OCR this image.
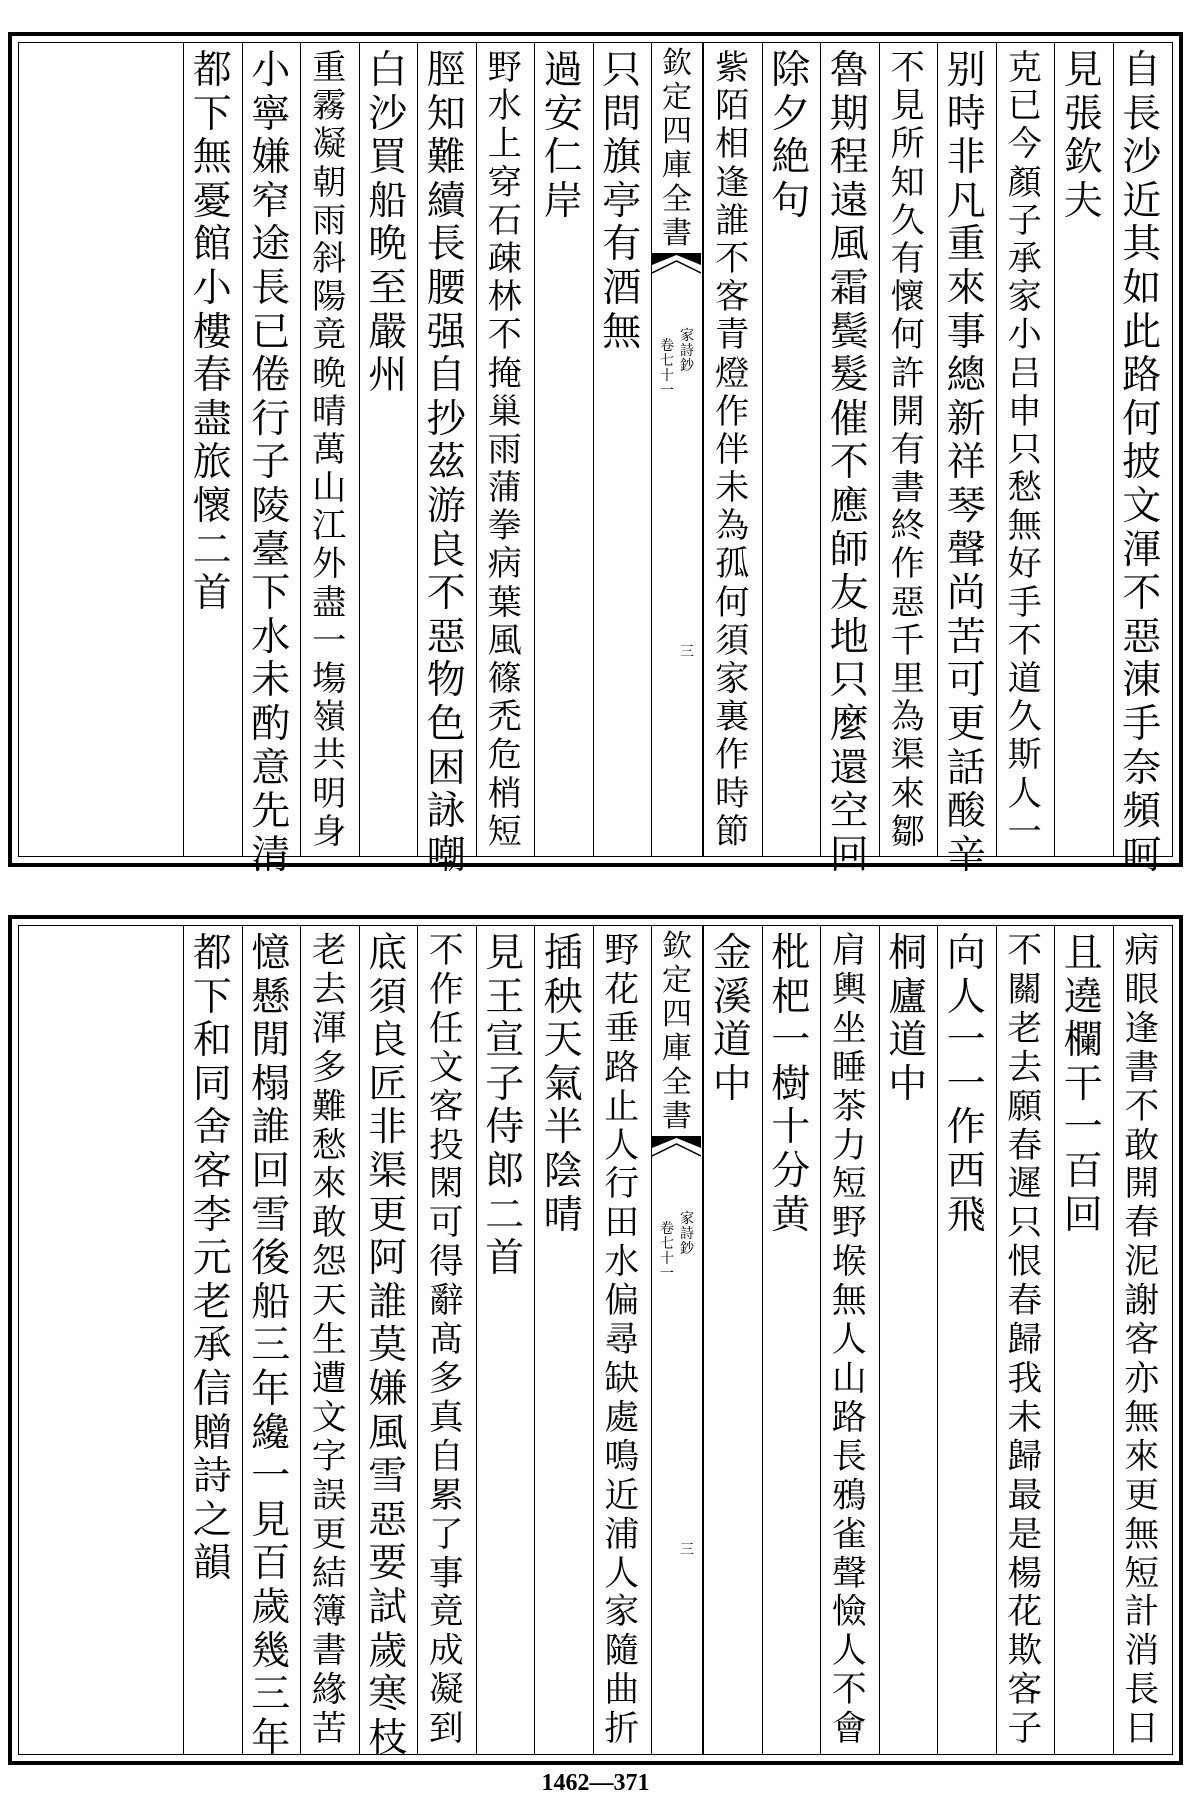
自
長
沙
近
其
如
此
路
何
披
文
渾
不
惡
涷
手
奈
頻
呵
見
張
欽
夫
克
已
今
顏
子
承
家
小
吕
申
只
愁
無
好
手
不
道
久
斯
人
一
别
時
非
凡
重
來
事
總
新
祥
琴
聲
尚
苦
可
更
話
酸
辛
不
見
所
知
久
有
懷
何
許
開
有
書
終
作
惡
千
里
為
渠
來
鄒
魯
期
程
遠
風
霜
鬓
髮
催
不
應
師
友
地
只
麼
還
空
回
除
夕
絶
句
紫
陌
相
逢
誰
不
客
青
燈
作
伴
未
為
孤
何
須
家
裏
作
時
節
欽
定
四
庫
全
書
家
詩
鈔
卷
七
十
一
三
只
問
旗
亭
有
酒
無
過
安
仁
岸
野
水
上
穿
石
疎
林
不
掩
巢
雨
蒲
拳
病
葉
風
篠
禿
危
梢
短
脛
知
難
續
長
腰
强
自
抄
茲
游
良
不
惡
物
色
困
詠
嘲
白
沙
買
船
晩
至
嚴
州
重
霧
凝
朝
雨
斜
陽
竟
晩
晴
萬
山
江
外
盡
一
塲
嶺
共
明
身
小
寧
嫌
窄
途
長
已
倦
行
子
陵
臺
下
水
未
酌
意
先
清
都
下
無
憂
館
小
樓
春
盡
旅
懷
二
首
病
眼
逢
書
不
敢
開
春
泥
謝
客
亦
無
來
更
無
短
計
消
長
日
且
遶
欄
干
一
百
回
不
關
老
去
願
春
遲
只
恨
春
歸
我
未
歸
最
是
楊
花
欺
客
子
向
人
一
一
作
西
飛
桐
廬
道
中
肩
輿
坐
睡
茶
力
短
野
堠
無
人
山
路
長
鴉
雀
聲
憸
人
不
會
枇
杷
一
樹
十
分
黄
金
溪
道
中
欽
定
四
庫
全
書
家
詩
鈔
卷
七
十
一
三
野
花
垂
路
止
人
行
田
水
偏
尋
缺
處
鳴
近
浦
人
家
隨
曲
折
插
秧
天
氣
半
陰
晴
見
王
宣
子
侍
郎
二
首
不
作
任
文
客
投
閑
可
得
辭
髙
多
真
自
累
了
事
竟
成
凝
到
底
須
良
匠
非
渠
更
阿
誰
莫
嫌
風
雪
惡
要
試
歲
寒
枝
老
去
渾
多
難
愁
來
敢
怨
天
生
遭
文
字
誤
更
結
簿
書
緣
苦
憶
懸
閒
榻
誰
回
雪
後
船
三
年
纔
一
見
百
歲
幾
三
年
都
下
和
同
舍
客
李
元
老
承
信
贈
詩
之
韻
1462—371
